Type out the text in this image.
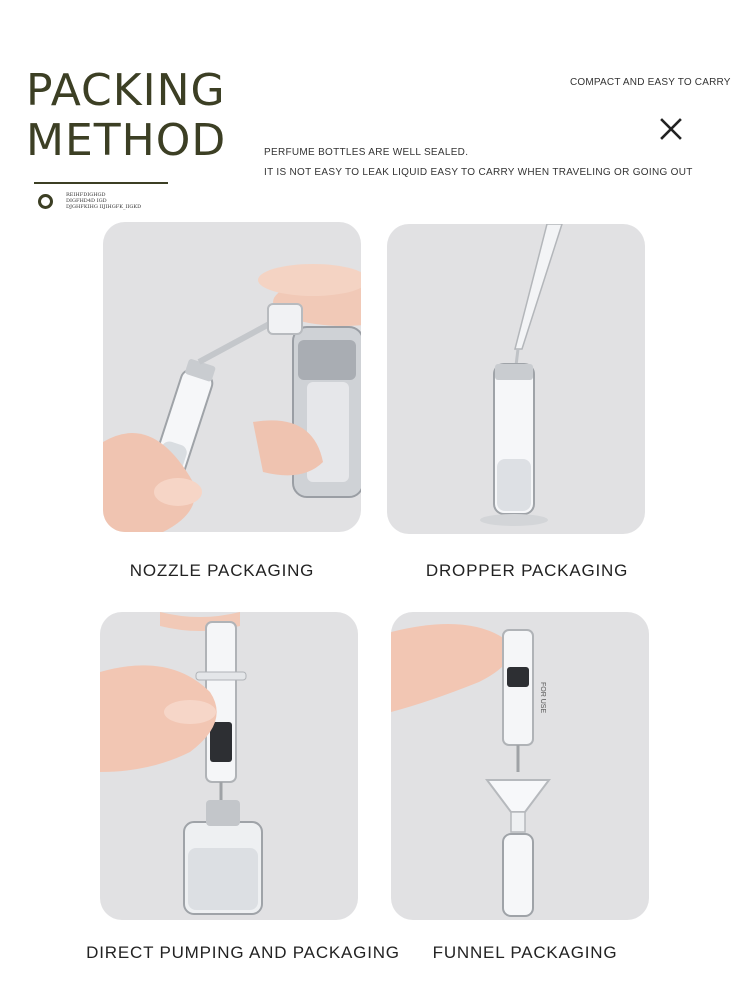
PACKING
METHOD
REIHFDIGHGD
DIGFHD4D IGD
DJGHFKIHG IIJIHGFK_IIGKD
COMPACT AND EASY TO CARRY
PERFUME BOTTLES ARE WELL SEALED.
IT IS NOT EASY TO LEAK LIQUID EASY TO CARRY WHEN TRAVELING OR GOING OUT
FOR USE
NOZZLE PACKAGING	DROPPER PACKAGING
DIRECT PUMPING AND PACKAGING	FUNNEL PACKAGING
